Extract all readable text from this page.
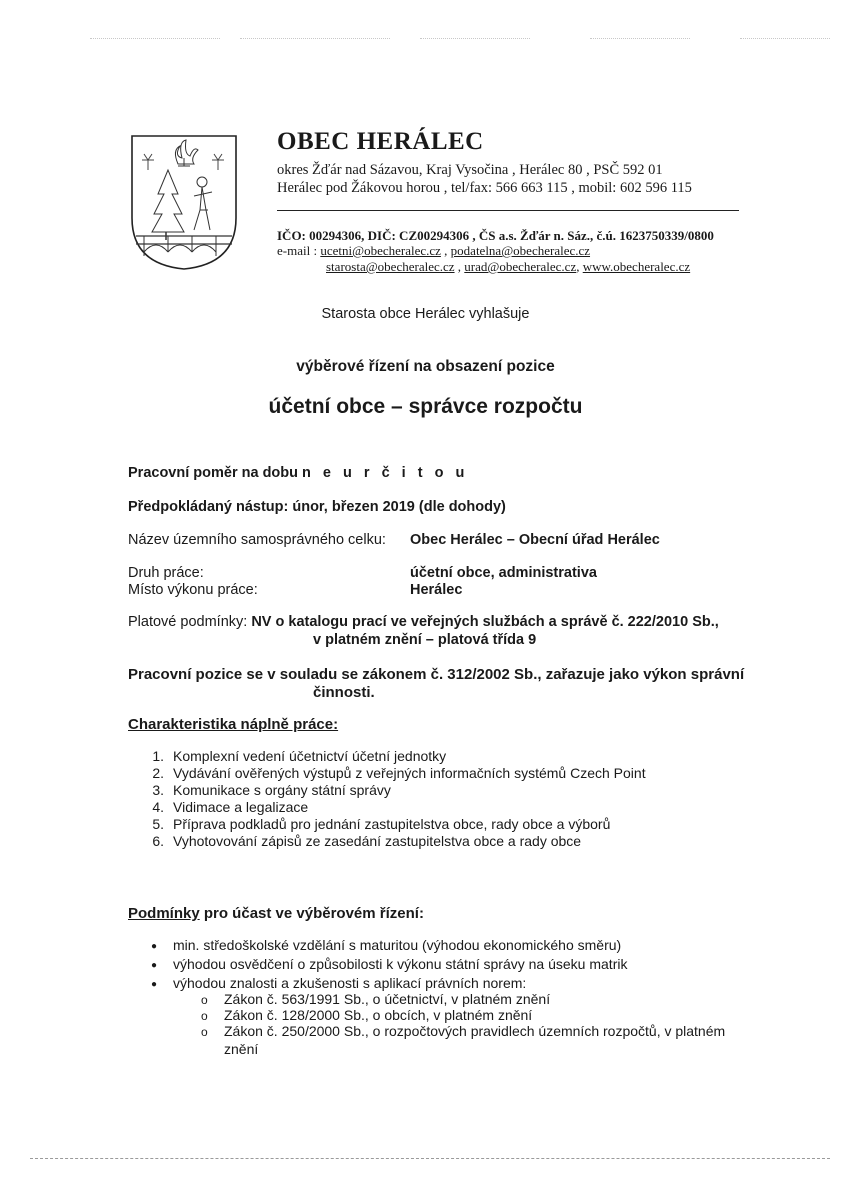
OBEC HERÁLEC
okres Žďár nad Sázavou, Kraj Vysočina , Herálec 80 , PSČ 592 01
Herálec pod Žákovou horou , tel/fax: 566 663 115 , mobil: 602 596 115
IČO: 00294306, DIČ: CZ00294306 , ČS a.s. Žďár n. Sáz., č.ú. 1623750339/0800
e-mail : ucetni@obecheralec.cz , podatelna@obecheralec.cz
starosta@obecheralec.cz , urad@obecheralec.cz, www.obecheralec.cz
Starosta obce Herálec vyhlašuje
výběrové řízení na obsazení pozice
účetní obce – správce rozpočtu
Pracovní poměr na dobu n e u r č i t o u
Předpokládaný nástup: únor, březen 2019 (dle dohody)
Název územního samosprávného celku: Obec Herálec – Obecní úřad Herálec
Druh práce:	účetní obce, administrativa
Místo výkonu práce:	Herálec
Platové podmínky: NV o katalogu prací ve veřejných službách a správě č. 222/2010 Sb.,
v platném znění – platová třída 9
Pracovní pozice se v souladu se zákonem č. 312/2002 Sb., zařazuje jako výkon správní
činnosti.
Charakteristika náplně práce:
1. Komplexní vedení účetnictví účetní jednotky
2. Vydávání ověřených výstupů z veřejných informačních systémů Czech Point
3. Komunikace s orgány státní správy
4. Vidimace a legalizace
5. Příprava podkladů pro jednání zastupitelstva obce, rady obce a výborů
6. Vyhotovování zápisů ze zasedání zastupitelstva obce a rady obce
Podmínky pro účast ve výběrovém řízení:
● min. středoškolské vzdělání s maturitou (výhodou ekonomického směru)
● výhodou osvědčení o způsobilosti k výkonu státní správy na úseku matrik
● výhodou znalosti a zkušenosti s aplikací právních norem:
o Zákon č. 563/1991 Sb., o účetnictví, v platném znění
o Zákon č. 128/2000 Sb., o obcích, v platném znění
o Zákon č. 250/2000 Sb., o rozpočtových pravidlech územních rozpočtů, v platném
znění
